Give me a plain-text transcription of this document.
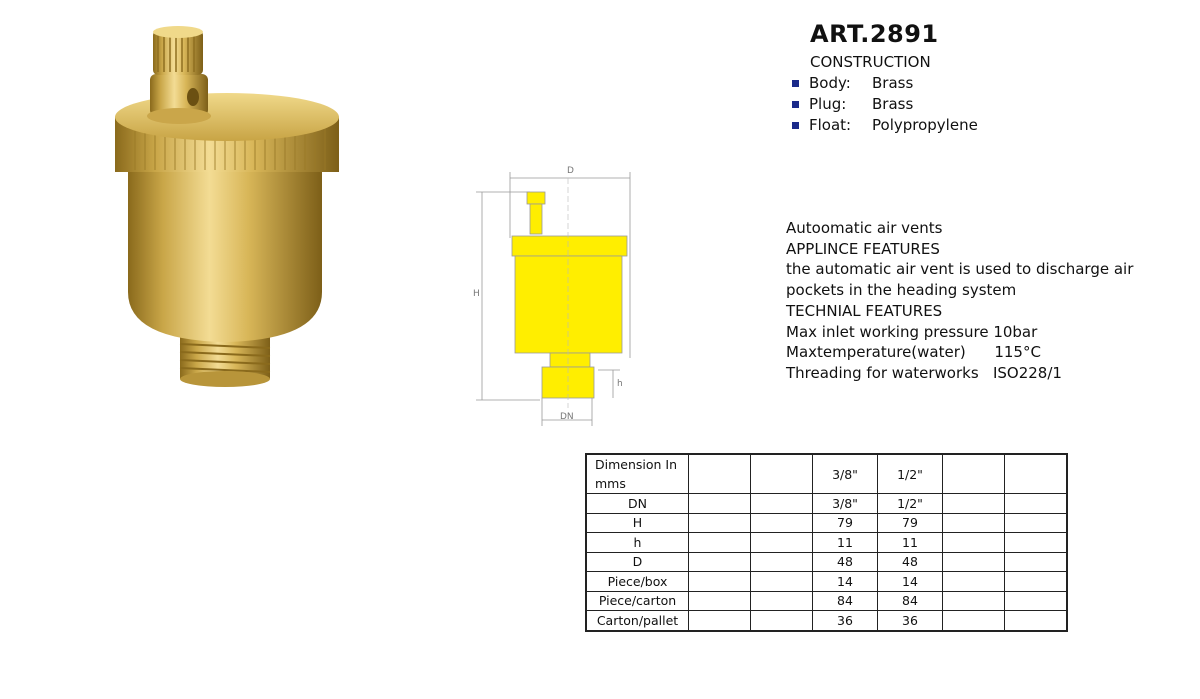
D
H
h
DN
ART.2891
CONSTRUCTION
Body:	Brass
Plug:	Brass
Float:	Polypropylene
Autoomatic air vents
APPLINCE FEATURES
the automatic air vent is used to discharge air
pockets in the heading system
TECHNIAL FEATURES
Max inlet working pressure 10bar
Maxtemperature(water)      115°C
Threading for waterworks   ISO228/1
Dimension In mms			3/8"	1/2"		
DN			3/8"	1/2"		
H			79	79		
h			11	11		
D			48	48		
Piece/box			14	14		
Piece/carton			84	84		
Carton/pallet			36	36		
